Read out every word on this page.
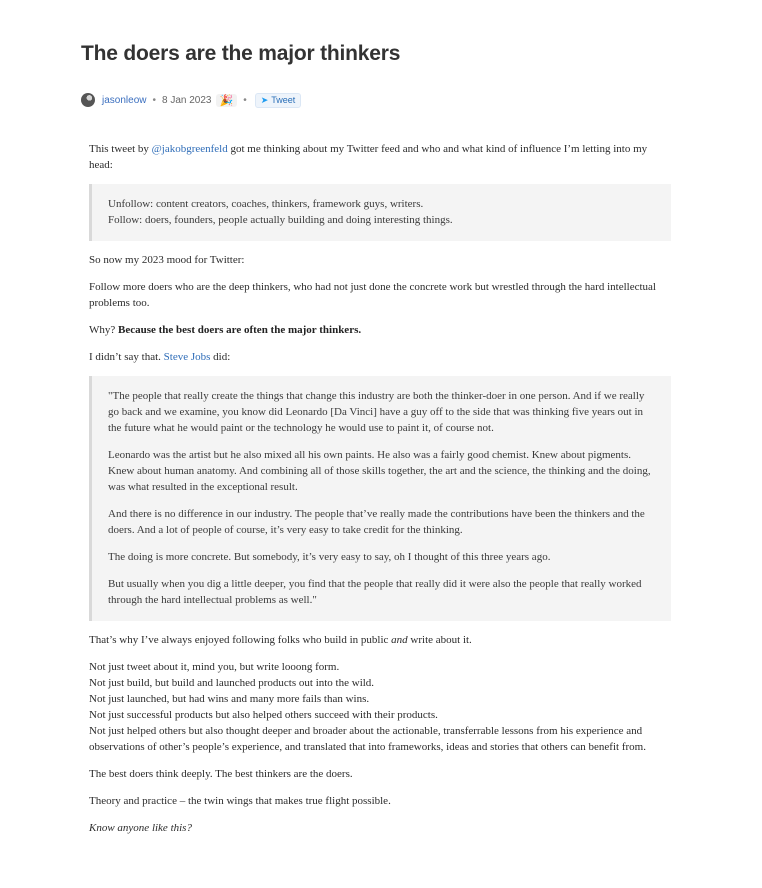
The doers are the major thinkers
jasonleow • 8 Jan 2023 🎉	• ➤ Tweet

This tweet by @jakobgreenfeld got me thinking about my Twitter feed and who and what kind of influence I’m letting into my head:

Unfollow: content creators, coaches, thinkers, framework guys, writers.
Follow: doers, founders, people actually building and doing interesting things.

So now my 2023 mood for Twitter:

Follow more doers who are the deep thinkers, who had not just done the concrete work but wrestled through the hard intellectual problems too.

Why? Because the best doers are often the major thinkers.

I didn’t say that. Steve Jobs did:

"The people that really create the things that change this industry are both the thinker-doer in one person. And if we really go back and we examine, you know did Leonardo [Da Vinci] have a guy off to the side that was thinking five years out in the future what he would paint or the technology he would use to paint it, of course not.

Leonardo was the artist but he also mixed all his own paints. He also was a fairly good chemist. Knew about pigments. Knew about human anatomy. And combining all of those skills together, the art and the science, the thinking and the doing, was what resulted in the exceptional result.

And there is no difference in our industry. The people that’ve really made the contributions have been the thinkers and the doers. And a lot of people of course, it’s very easy to take credit for the thinking.

The doing is more concrete. But somebody, it’s very easy to say, oh I thought of this three years ago.

But usually when you dig a little deeper, you find that the people that really did it were also the people that really worked through the hard intellectual problems as well."

That’s why I’ve always enjoyed following folks who build in public and write about it.

Not just tweet about it, mind you, but write looong form.
Not just build, but build and launched products out into the wild.
Not just launched, but had wins and many more fails than wins.
Not just successful products but also helped others succeed with their products.
Not just helped others but also thought deeper and broader about the actionable, transferrable lessons from his experience and observations of other’s people’s experience, and translated that into frameworks, ideas and stories that others can benefit from.

The best doers think deeply. The best thinkers are the doers.

Theory and practice – the twin wings that makes true flight possible.

Know anyone like this?
